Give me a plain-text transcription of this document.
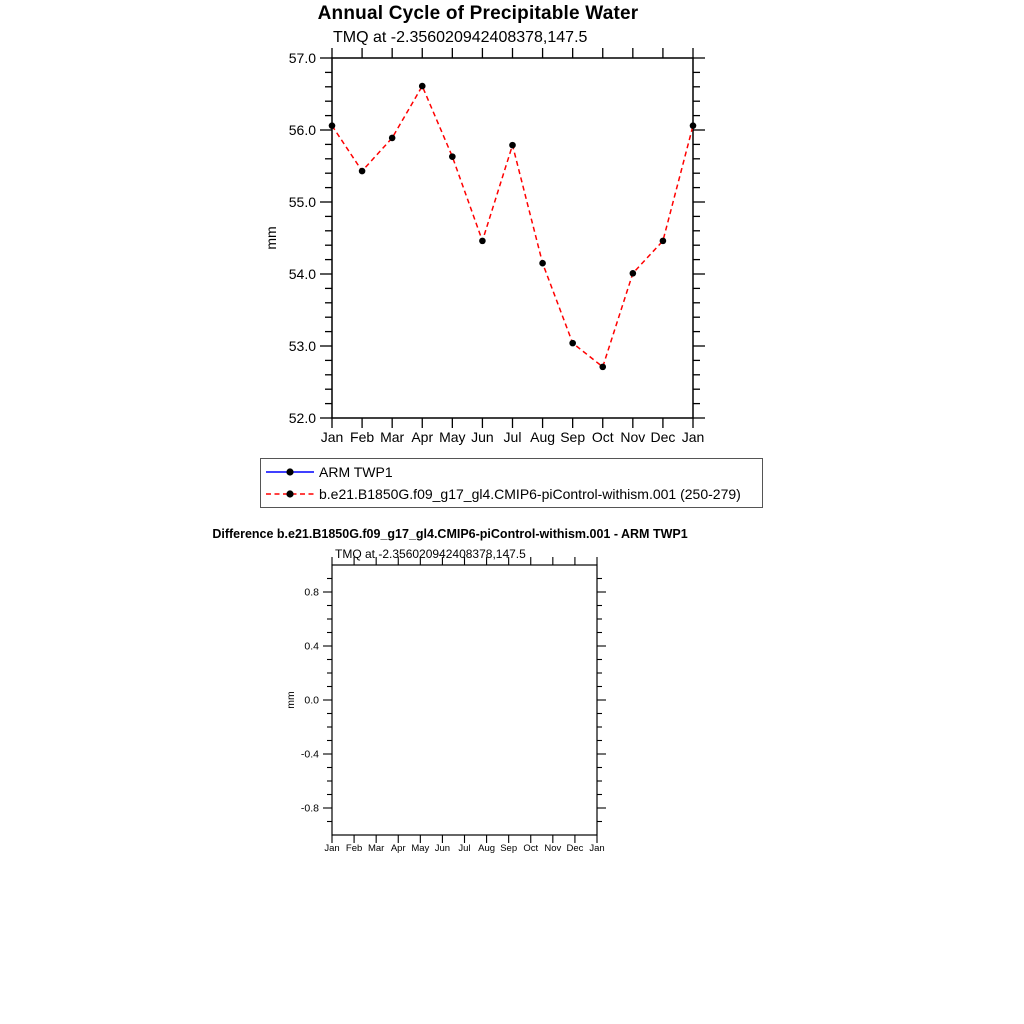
Annual Cycle of Precipitable Water
TMQ at -2.356020942408378,147.5
mm
Jan Feb Mar Apr May Jun Jul Aug Sep Oct Nov Dec Jan
52.0
53.0
54.0
55.0
56.0
57.0
ARM TWP1
b.e21.B1850G.f09_g17_gl4.CMIP6-piControl-withism.001 (250-279)
Difference b.e21.B1850G.f09_g17_gl4.CMIP6-piControl-withism.001 - ARM TWP1
TMQ at -2.356020942408378,147.5
mm
Jan Feb Mar Apr May Jun Jul Aug Sep Oct Nov Dec Jan
-0.8
-0.4
0.0
0.4
0.8
